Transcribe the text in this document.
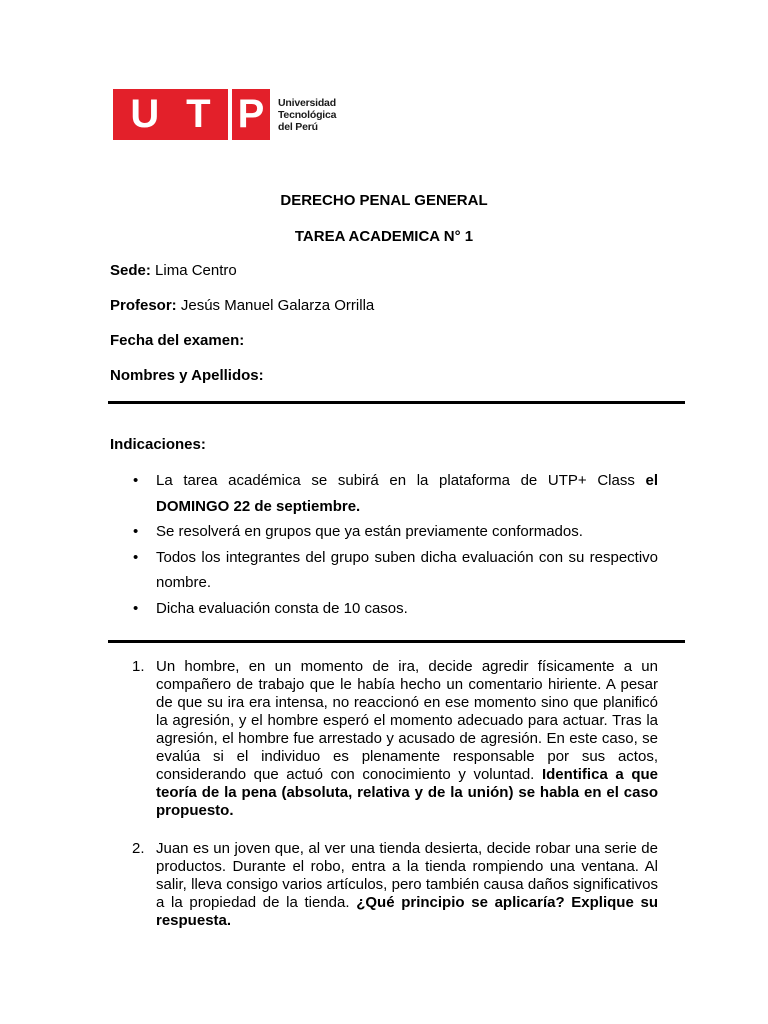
U T P Universidad
Tecnológica
del Perú
DERECHO PENAL GENERAL
TAREA ACADEMICA N° 1
Sede: Lima Centro
Profesor: Jesús Manuel Galarza Orrilla
Fecha del examen:
Nombres y Apellidos:
Indicaciones:
• La tarea académica se subirá en la plataforma de UTP+ Class el DOMINGO 22 de septiembre.
• Se resolverá en grupos que ya están previamente conformados.
• Todos los integrantes del grupo suben dicha evaluación con su respectivo nombre.
• Dicha evaluación consta de 10 casos.
1. Un hombre, en un momento de ira, decide agredir físicamente a un compañero de trabajo que le había hecho un comentario hiriente. A pesar de que su ira era intensa, no reaccionó en ese momento sino que planificó la agresión, y el hombre esperó el momento adecuado para actuar. Tras la agresión, el hombre fue arrestado y acusado de agresión. En este caso, se evalúa si el individuo es plenamente responsable por sus actos, considerando que actuó con conocimiento y voluntad. Identifica a que teoría de la pena (absoluta, relativa y de la unión) se habla en el caso propuesto.
2. Juan es un joven que, al ver una tienda desierta, decide robar una serie de productos. Durante el robo, entra a la tienda rompiendo una ventana. Al salir, lleva consigo varios artículos, pero también causa daños significativos a la propiedad de la tienda. ¿Qué principio se aplicaría? Explique su respuesta.
